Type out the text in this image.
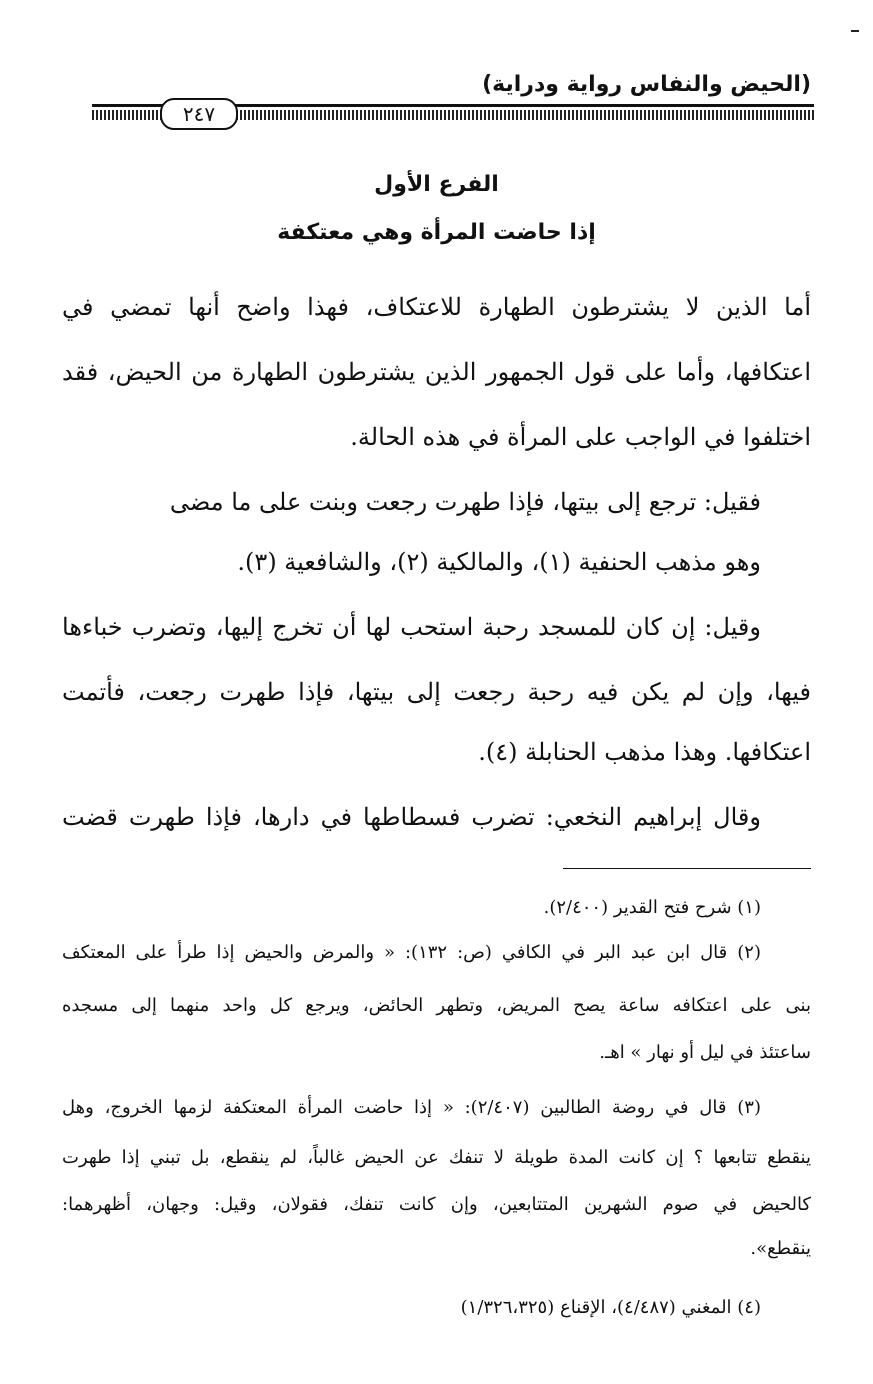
(الحيض والنفاس رواية ودراية)
٢٤٧
الفرع الأول
إذا حاضت المرأة وهي معتكفة
أما الذين لا يشترطون الطهارة للاعتكاف، فهذا واضح أنها تمضي في
اعتكافها، وأما على قول الجمهور الذين يشترطون الطهارة من الحيض، فقد
اختلفوا في الواجب على المرأة في هذه الحالة.
فقيل: ترجع إلى بيتها، فإذا طهرت رجعت وبنت على ما مضى
وهو مذهب الحنفية (١)، والمالكية (٢)، والشافعية (٣).
وقيل: إن كان للمسجد رحبة استحب لها أن تخرج إليها، وتضرب خباءها
فيها، وإن لم يكن فيه رحبة رجعت إلى بيتها، فإذا طهرت رجعت، فأتمت
اعتكافها. وهذا مذهب الحنابلة (٤).
وقال إبراهيم النخعي: تضرب فسطاطها في دارها، فإذا طهرت قضت
(١) شرح فتح القدير (٢/٤٠٠).
(٢) قال ابن عبد البر في الكافي (ص: ١٣٢): « والمرض والحيض إذا طرأ على المعتكف
بنى على اعتكافه ساعة يصح المريض، وتطهر الحائض، ويرجع كل واحد منهما إلى مسجده
ساعتئذ في ليل أو نهار » اهـ.
(٣) قال في روضة الطالبين (٢/٤٠٧): « إذا حاضت المرأة المعتكفة لزمها الخروج، وهل
ينقطع تتابعها ؟ إن كانت المدة طويلة لا تنفك عن الحيض غالباً، لم ينقطع، بل تبني إذا طهرت
كالحيض في صوم الشهرين المتتابعين، وإن كانت تنفك، فقولان، وقيل: وجهان، أظهرهما:
ينقطع».
(٤) المغني (٤/٤٨٧)، الإقناع (١/٣٢٦،٣٢٥)
